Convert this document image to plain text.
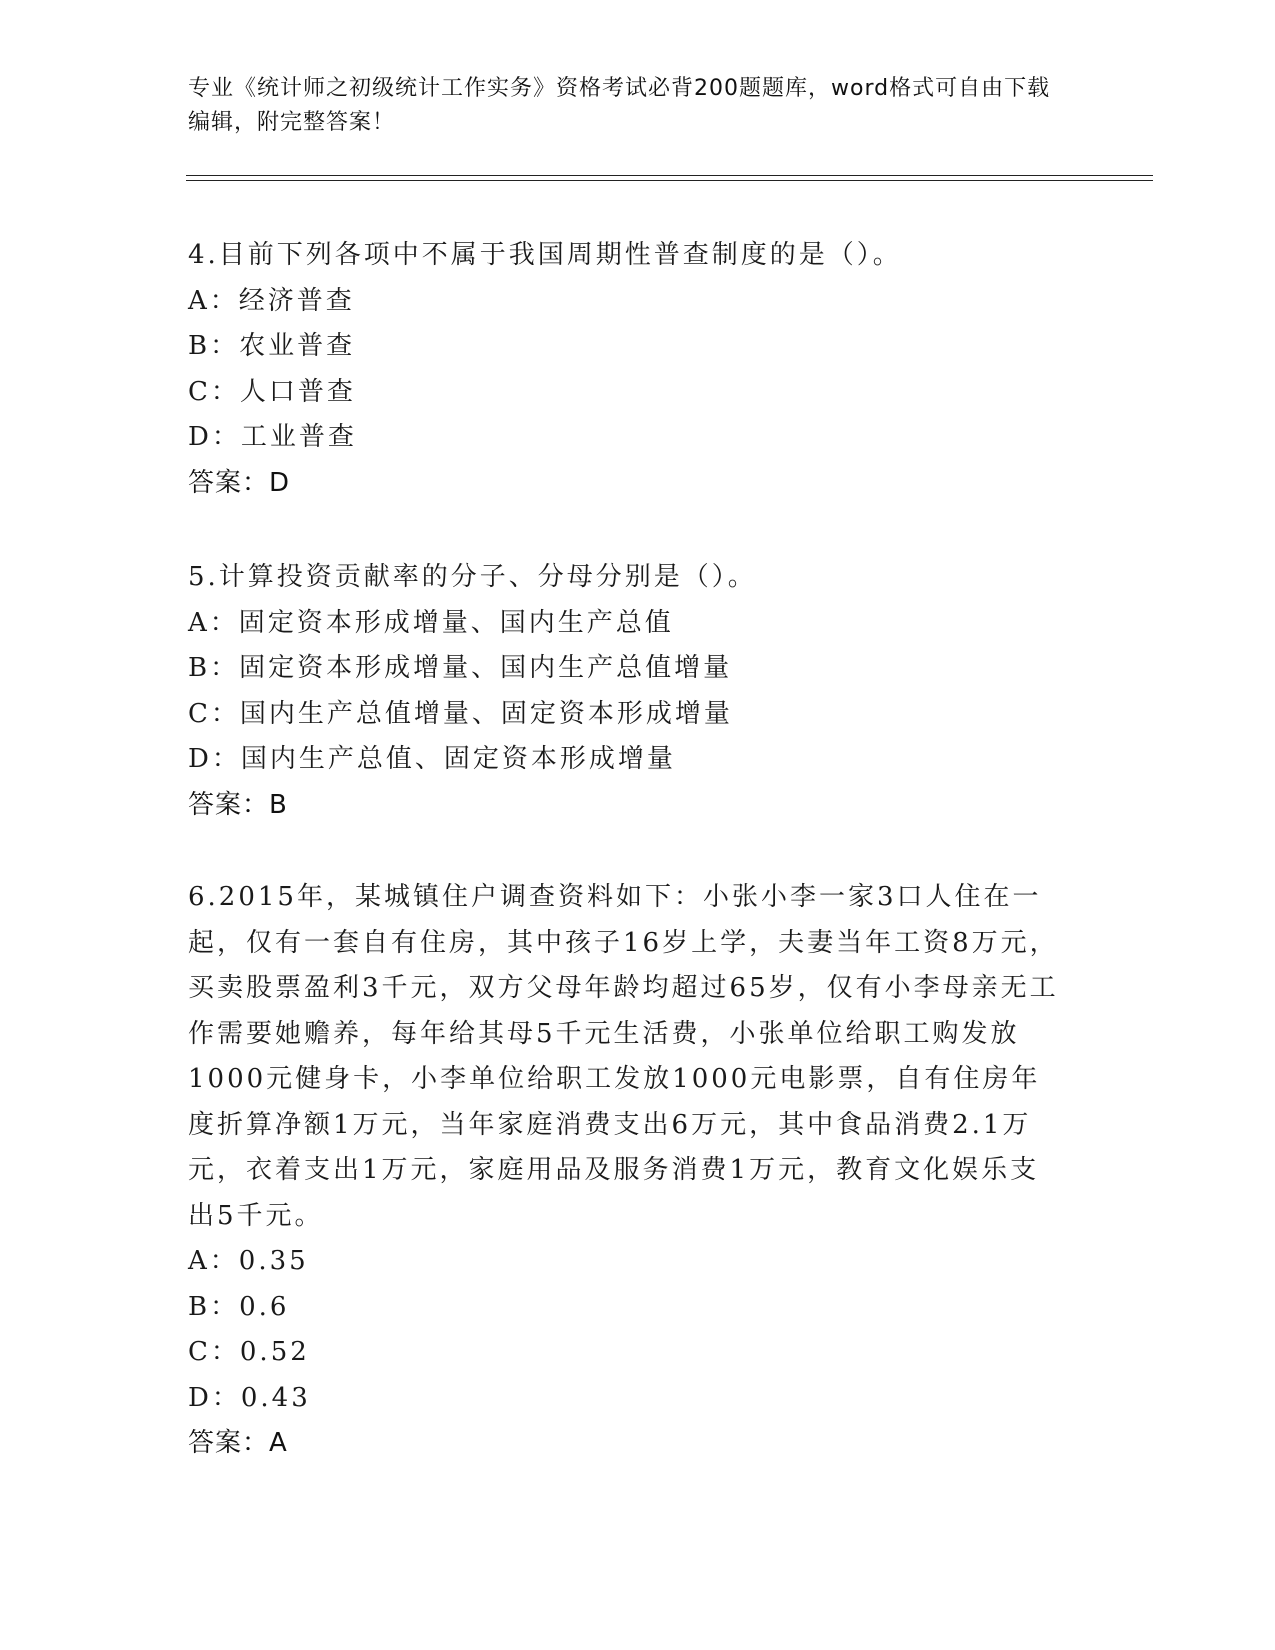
专业《统计师之初级统计工作实务》资格考试必背200题题库，word格式可自由下载编辑，附完整答案！
4.目前下列各项中不属于我国周期性普查制度的是（）。
A：经济普查
B：农业普查
C：人口普查
D：工业普查
答案：D
5.计算投资贡献率的分子、分母分别是（）。
A：固定资本形成增量、国内生产总值
B：固定资本形成增量、国内生产总值增量
C：国内生产总值增量、固定资本形成增量
D：国内生产总值、固定资本形成增量
答案：B
6.2015年，某城镇住户调查资料如下：小张小李一家3口人住在一起，仅有一套自有住房，其中孩子16岁上学，夫妻当年工资8万元，买卖股票盈利3千元，双方父母年龄均超过65岁，仅有小李母亲无工作需要她赡养，每年给其母5千元生活费，小张单位给职工购发放1000元健身卡，小李单位给职工发放1000元电影票，自有住房年度折算净额1万元，当年家庭消费支出6万元，其中食品消费2.1万元，衣着支出1万元，家庭用品及服务消费1万元，教育文化娱乐支出5千元。
A：0.35
B：0.6
C：0.52
D：0.43
答案：A
